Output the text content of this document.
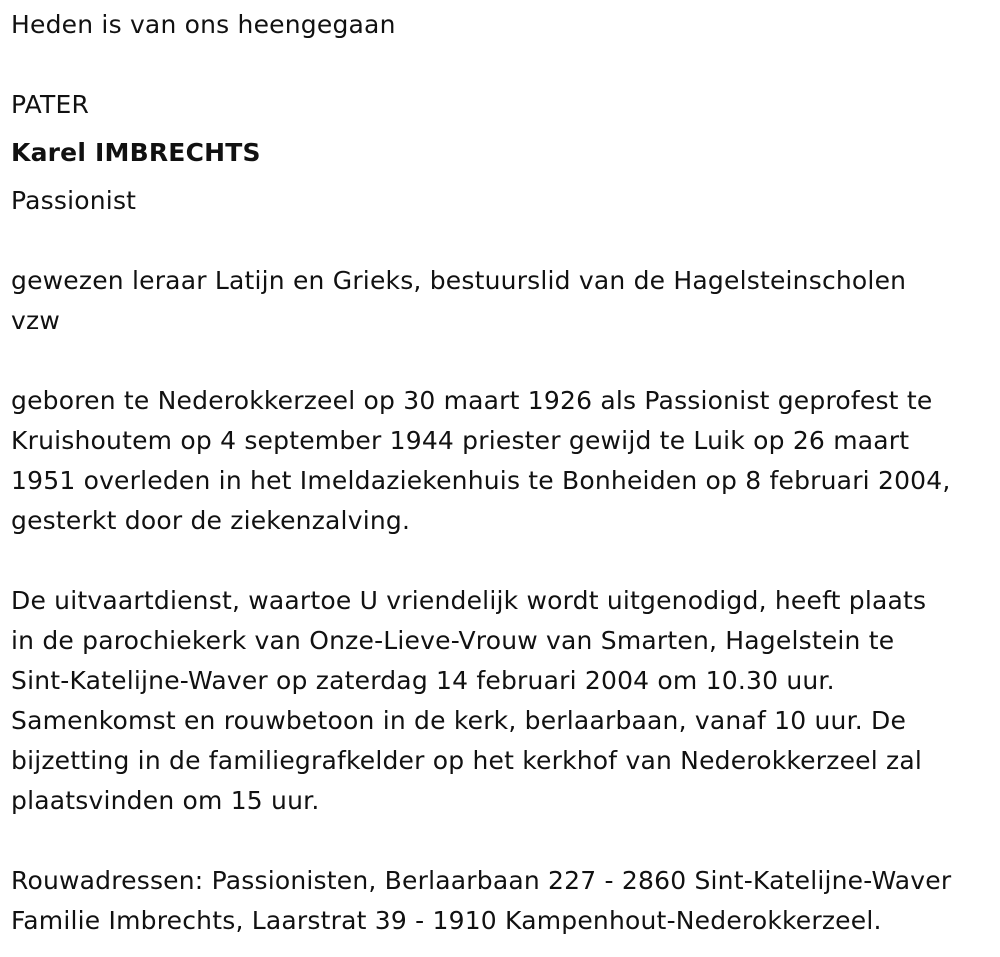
Heden is van ons heengegaan
PATER
Karel IMBRECHTS
Passionist
gewezen leraar Latijn en Grieks, bestuurslid van de Hagelsteinscholen
vzw
geboren te Nederokkerzeel op 30 maart 1926 als Passionist geprofest te
Kruishoutem op 4 september 1944 priester gewijd te Luik op 26 maart
1951 overleden in het Imeldaziekenhuis te Bonheiden op 8 februari 2004,
gesterkt door de ziekenzalving.
De uitvaartdienst, waartoe U vriendelijk wordt uitgenodigd, heeft plaats
in de parochiekerk van Onze-Lieve-Vrouw van Smarten, Hagelstein te
Sint-Katelijne-Waver op zaterdag 14 februari 2004 om 10.30 uur.
Samenkomst en rouwbetoon in de kerk, berlaarbaan, vanaf 10 uur. De
bijzetting in de familiegrafkelder op het kerkhof van Nederokkerzeel zal
plaatsvinden om 15 uur.
Rouwadressen: Passionisten, Berlaarbaan 227 - 2860 Sint-Katelijne-Waver
Familie Imbrechts, Laarstrat 39 - 1910 Kampenhout-Nederokkerzeel.
